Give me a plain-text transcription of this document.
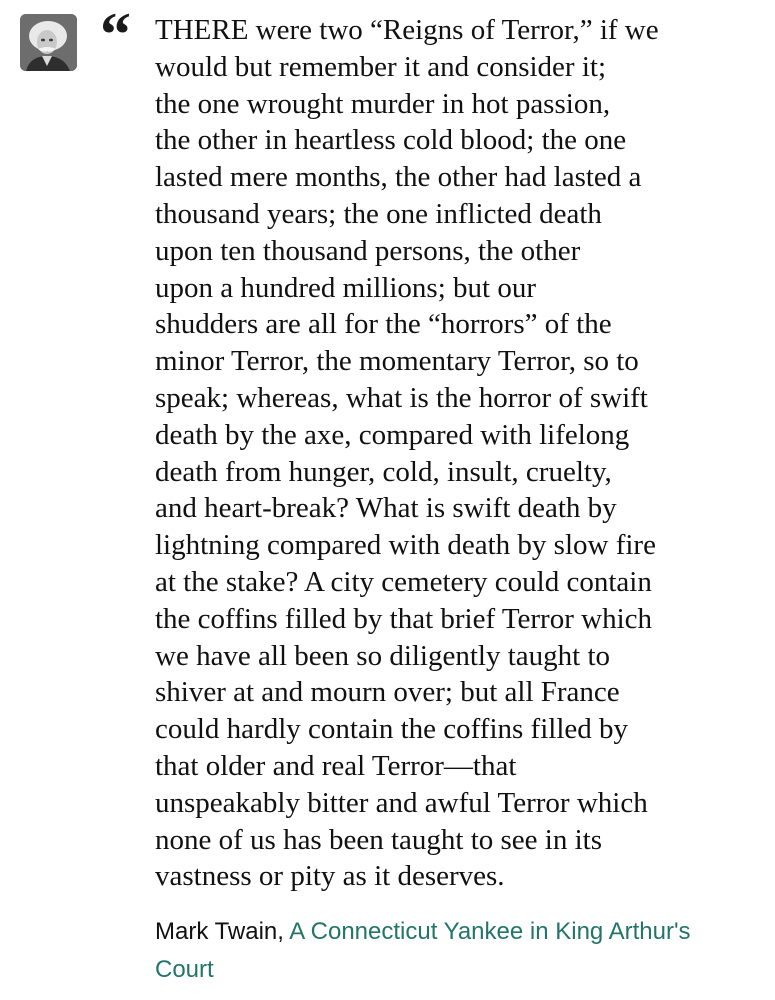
“ THERE were two “Reigns of Terror,” if we
would but remember it and consider it;
the one wrought murder in hot passion,
the other in heartless cold blood; the one
lasted mere months, the other had lasted a
thousand years; the one inflicted death
upon ten thousand persons, the other
upon a hundred millions; but our
shudders are all for the “horrors” of the
minor Terror, the momentary Terror, so to
speak; whereas, what is the horror of swift
death by the axe, compared with lifelong
death from hunger, cold, insult, cruelty,
and heart-break? What is swift death by
lightning compared with death by slow fire
at the stake? A city cemetery could contain
the coffins filled by that brief Terror which
we have all been so diligently taught to
shiver at and mourn over; but all France
could hardly contain the coffins filled by
that older and real Terror—that
unspeakably bitter and awful Terror which
none of us has been taught to see in its
vastness or pity as it deserves.

Mark Twain, A Connecticut Yankee in King Arthur's Court
